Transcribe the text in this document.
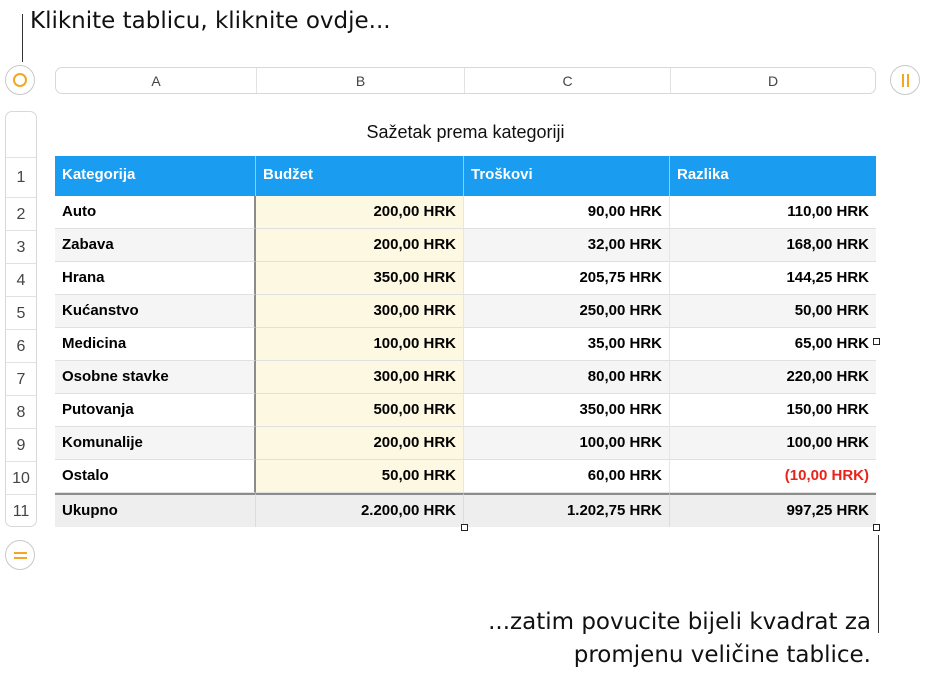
Kliknite tablicu, kliknite ovdje...
...zatim povucite bijeli kvadrat za
promjenu veličine tablice.
A	B	C	D
1
2
3
4
5
6
7
8
9
10
11
Sažetak prema kategoriji
Kategorija	Budžet	Troškovi	Razlika
Auto	200,00 HRK	90,00 HRK	110,00 HRK
Zabava	200,00 HRK	32,00 HRK	168,00 HRK
Hrana	350,00 HRK	205,75 HRK	144,25 HRK
Kućanstvo	300,00 HRK	250,00 HRK	50,00 HRK
Medicina	100,00 HRK	35,00 HRK	65,00 HRK
Osobne stavke	300,00 HRK	80,00 HRK	220,00 HRK
Putovanja	500,00 HRK	350,00 HRK	150,00 HRK
Komunalije	200,00 HRK	100,00 HRK	100,00 HRK
Ostalo	50,00 HRK	60,00 HRK	(10,00 HRK)
Ukupno	2.200,00 HRK	1.202,75 HRK	997,25 HRK
